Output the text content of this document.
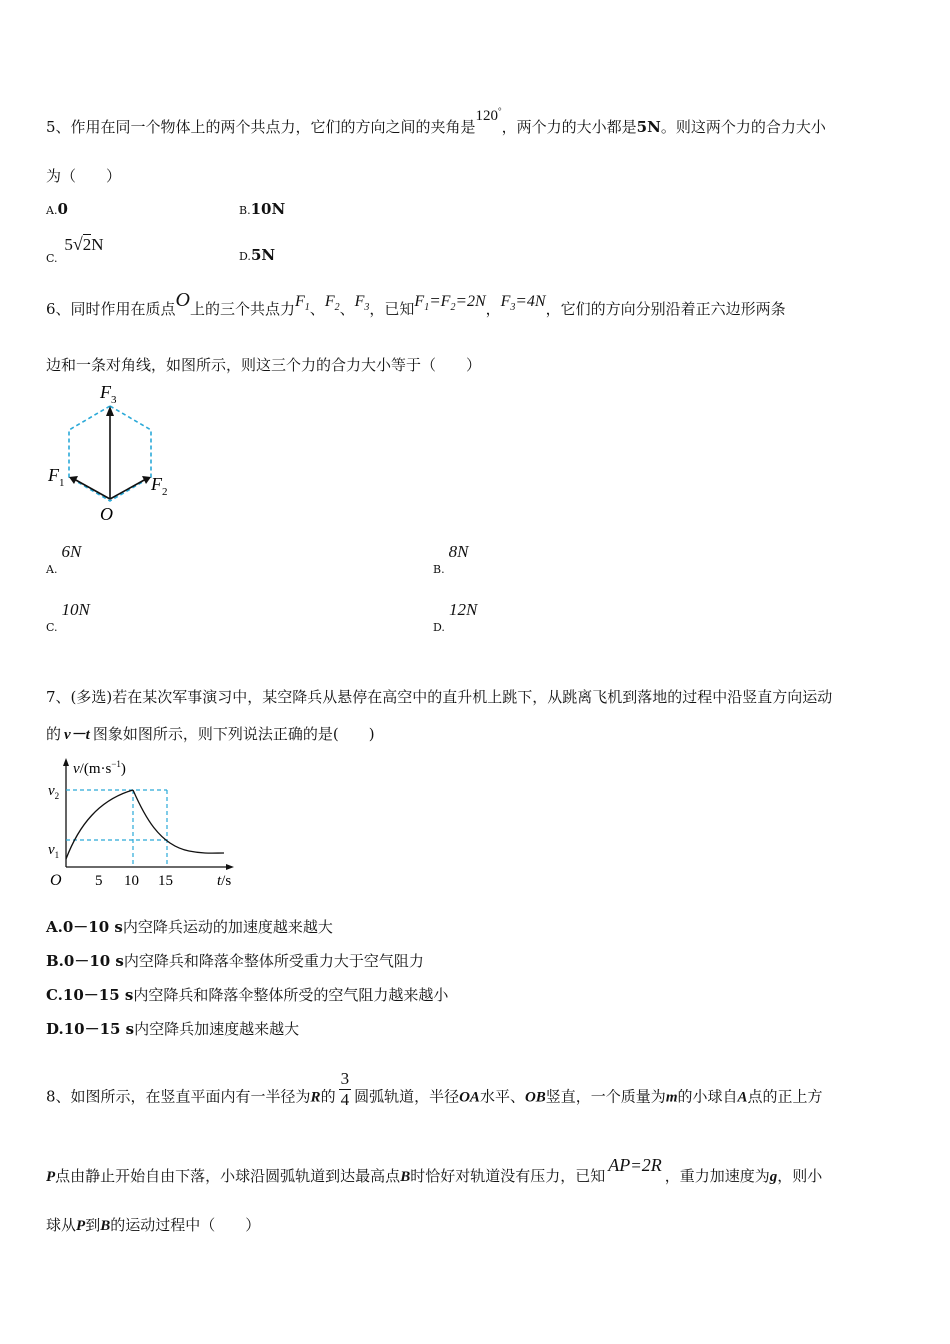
5、作用在同一个物体上的两个共点力，它们的方向之间的夹角是120°，两个力的大小都是5N。则这两个力的合力大小
为（　　）
A.0	B.10N
$_{C.}$ 5√2N
D.5N
6、同时作用在质点O上的三个共点力$F_1$、$F_2$、$F_3$，已知$F_1=F_2=2N$，$F_3=4N$，它们的方向分别沿着正六边形两条
边和一条对角线，如图所示，则这三个力的合力大小等于（　　）
$F_3$
$F_1$	$F_2$
O
$_{A.}$6N
$_{B.}$8N
$_{C.}$10N
$_{D.}$12N
7、(多选)若在某次军事演习中，某空降兵从悬停在高空中的直升机上跳下，从跳离飞机到落地的过程中沿竖直方向运动
的 v－t 图象如图所示，则下列说法正确的是(　　)
$v/(m\cdot s^{-1})$
$v_2$
$v_1$
O 5 10 15	t/s
A.0－10 s内空降兵运动的加速度越来越大
B.0－10 s内空降兵和降落伞整体所受重力大于空气阻力
C.10－15 s内空降兵和降落伞整体所受的空气阻力越来越小
D.10－15 s内空降兵加速度越来越大
8、如图所示，在竖直平面内有一半径为R的 $\frac{3}{4}$ 圆弧轨道，半径OA水平、OB竖直，一个质量为m的小球自A点的正上方
P点由静止开始自由下落，小球沿圆弧轨道到达最高点B时恰好对轨道没有压力，已知AP=2R，重力加速度为g，则小
球从P到B的运动过程中（　　）
